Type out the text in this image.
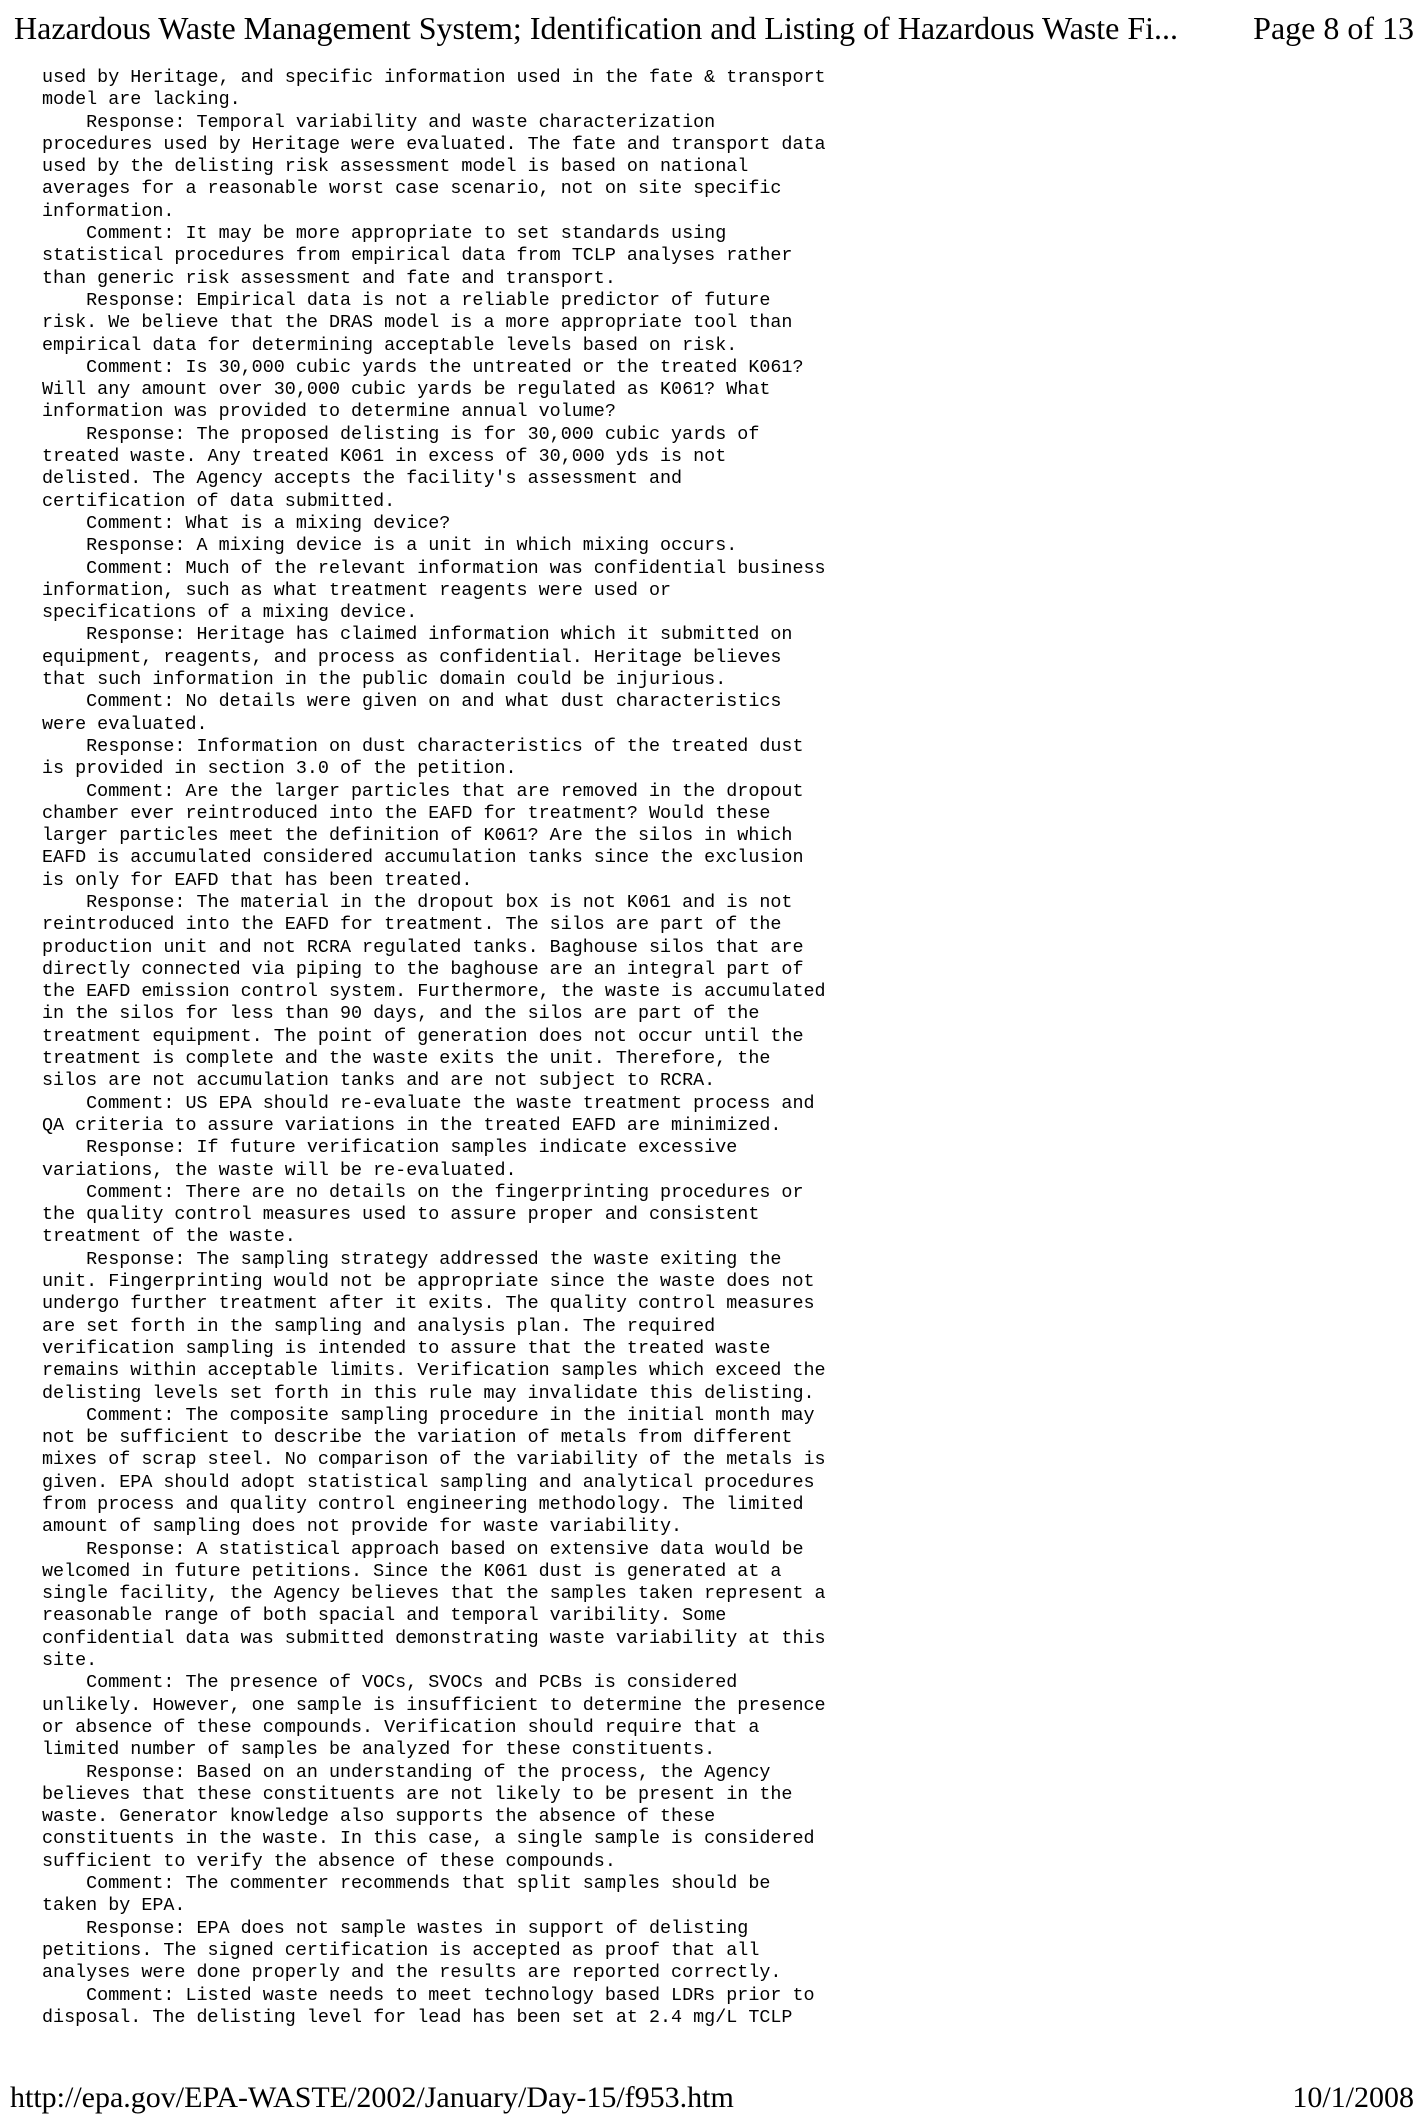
Hazardous Waste Management System; Identification and Listing of Hazardous Waste Fi... Page 8 of 13
used by Heritage, and specific information used in the fate & transport
model are lacking.
Response: Temporal variability and waste characterization
procedures used by Heritage were evaluated. The fate and transport data
used by the delisting risk assessment model is based on national
averages for a reasonable worst case scenario, not on site specific
information.
Comment: It may be more appropriate to set standards using
statistical procedures from empirical data from TCLP analyses rather
than generic risk assessment and fate and transport.
Response: Empirical data is not a reliable predictor of future
risk. We believe that the DRAS model is a more appropriate tool than
empirical data for determining acceptable levels based on risk.
Comment: Is 30,000 cubic yards the untreated or the treated K061?
Will any amount over 30,000 cubic yards be regulated as K061? What
information was provided to determine annual volume?
Response: The proposed delisting is for 30,000 cubic yards of
treated waste. Any treated K061 in excess of 30,000 yds is not
delisted. The Agency accepts the facility's assessment and
certification of data submitted.
Comment: What is a mixing device?
Response: A mixing device is a unit in which mixing occurs.
Comment: Much of the relevant information was confidential business
information, such as what treatment reagents were used or
specifications of a mixing device.
Response: Heritage has claimed information which it submitted on
equipment, reagents, and process as confidential. Heritage believes
that such information in the public domain could be injurious.
Comment: No details were given on and what dust characteristics
were evaluated.
Response: Information on dust characteristics of the treated dust
is provided in section 3.0 of the petition.
Comment: Are the larger particles that are removed in the dropout
chamber ever reintroduced into the EAFD for treatment? Would these
larger particles meet the definition of K061? Are the silos in which
EAFD is accumulated considered accumulation tanks since the exclusion
is only for EAFD that has been treated.
Response: The material in the dropout box is not K061 and is not
reintroduced into the EAFD for treatment. The silos are part of the
production unit and not RCRA regulated tanks. Baghouse silos that are
directly connected via piping to the baghouse are an integral part of
the EAFD emission control system. Furthermore, the waste is accumulated
in the silos for less than 90 days, and the silos are part of the
treatment equipment. The point of generation does not occur until the
treatment is complete and the waste exits the unit. Therefore, the
silos are not accumulation tanks and are not subject to RCRA.
Comment: US EPA should re-evaluate the waste treatment process and
QA criteria to assure variations in the treated EAFD are minimized.
Response: If future verification samples indicate excessive
variations, the waste will be re-evaluated.
Comment: There are no details on the fingerprinting procedures or
the quality control measures used to assure proper and consistent
treatment of the waste.
Response: The sampling strategy addressed the waste exiting the
unit. Fingerprinting would not be appropriate since the waste does not
undergo further treatment after it exits. The quality control measures
are set forth in the sampling and analysis plan. The required
verification sampling is intended to assure that the treated waste
remains within acceptable limits. Verification samples which exceed the
delisting levels set forth in this rule may invalidate this delisting.
Comment: The composite sampling procedure in the initial month may
not be sufficient to describe the variation of metals from different
mixes of scrap steel. No comparison of the variability of the metals is
given. EPA should adopt statistical sampling and analytical procedures
from process and quality control engineering methodology. The limited
amount of sampling does not provide for waste variability.
Response: A statistical approach based on extensive data would be
welcomed in future petitions. Since the K061 dust is generated at a
single facility, the Agency believes that the samples taken represent a
reasonable range of both spacial and temporal varibility. Some
confidential data was submitted demonstrating waste variability at this
site.
Comment: The presence of VOCs, SVOCs and PCBs is considered
unlikely. However, one sample is insufficient to determine the presence
or absence of these compounds. Verification should require that a
limited number of samples be analyzed for these constituents.
Response: Based on an understanding of the process, the Agency
believes that these constituents are not likely to be present in the
waste. Generator knowledge also supports the absence of these
constituents in the waste. In this case, a single sample is considered
sufficient to verify the absence of these compounds.
Comment: The commenter recommends that split samples should be
taken by EPA.
Response: EPA does not sample wastes in support of delisting
petitions. The signed certification is accepted as proof that all
analyses were done properly and the results are reported correctly.
Comment: Listed waste needs to meet technology based LDRs prior to
disposal. The delisting level for lead has been set at 2.4 mg/L TCLP
http://epa.gov/EPA-WASTE/2002/January/Day-15/f953.htm	10/1/2008
